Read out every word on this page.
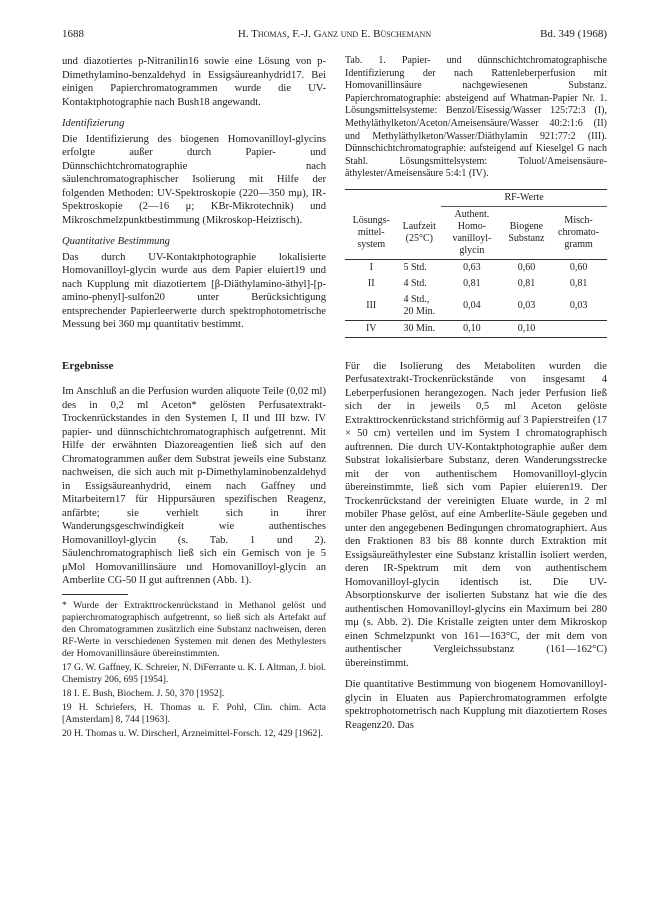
1688	H. Thomas, F.-J. Ganz und E. Büschemann	Bd. 349 (1968)

und diazotiertes p-Nitranilin16 sowie eine Lösung von p-Dimethylamino-benzaldehyd in Essigsäureanhydrid17. Bei einigen Papierchromatogrammen wurde die UV-Kontaktphotographie nach Bush18 angewandt.

Identifizierung

Die Identifizierung des biogenen Homovanilloyl-glycins erfolgte außer durch Papier- und Dünnschichtchromatographie nach säulenchromatographischer Isolierung mit Hilfe der folgenden Methoden: UV-Spektroskopie (220—350 mμ), IR-Spektroskopie (2—16 μ; KBr-Mikrotechnik) und Mikroschmelzpunktbestimmung (Mikroskop-Heiztisch).

Quantitative Bestimmung

Das durch UV-Kontaktphotographie lokalisierte Homovanilloyl-glycin wurde aus dem Papier eluiert19 und nach Kupplung mit diazotiertem [β-Diäthylamino-äthyl]-[p-amino-phenyl]-sulfon20 unter Berücksichtigung entsprechender Papierleerwerte durch spektrophotometrische Messung bei 360 mμ quantitativ bestimmt.

Ergebnisse

Im Anschluß an die Perfusion wurden aliquote Teile (0,02 ml) des in 0,2 ml Aceton* gelösten Perfusatextrakt-Trockenrückstandes in den Systemen I, II und III bzw. IV papier- und dünnschichtchromatographisch aufgetrennt. Mit Hilfe der erwähnten Diazoreagentien ließ sich auf den Chromatogrammen außer dem Substrat jeweils eine Substanz nachweisen, die sich auch mit p-Dimethylaminobenzaldehyd in Essigsäureanhydrid, einem nach Gaffney und Mitarbeitern17 für Hippursäuren spezifischen Reagenz, anfärbte; sie verhielt sich in ihrer Wanderungsgeschwindigkeit wie authentisches Homovanilloyl-glycin (s. Tab. 1 und 2). Säulenchromatographisch ließ sich ein Gemisch von je 5 μMol Homovanillinsäure und Homovanilloyl-glycin an Amberlite CG-50 II gut auftrennen (Abb. 1).

* Wurde der Extrakttrockenrückstand in Methanol gelöst und papierchromatographisch aufgetrennt, so ließ sich als Artefakt auf den Chromatogrammen zusätzlich eine Substanz nachweisen, deren RF-Werte in verschiedenen Systemen mit denen des Methylesters der Homovanillinsäure übereinstimmten.

17 G. W. Gaffney, K. Schreier, N. DiFerrante u. K. I. Altman, J. biol. Chemistry 206, 695 [1954].

18 I. E. Bush, Biochem. J. 50, 370 [1952].

19 H. Schriefers, H. Thomas u. F. Pohl, Clin. chim. Acta [Amsterdam] 8, 744 [1963].

20 H. Thomas u. W. Dirscherl, Arzneimittel-Forsch. 12, 429 [1962].

Tab. 1. Papier- und dünnschichtchromatographische Identifizierung der nach Rattenleberperfusion mit Homovanillinsäure nachgewiesenen Substanz. Papierchromatographie: absteigend auf Whatman-Papier Nr. 1. Lösungsmittelsysteme: Benzol/Eisessig/Wasser 125:72:3 (I), Methyläthylketon/Aceton/Ameisensäure/Wasser 40:2:1:6 (II) und Methyläthylketon/Wasser/Diäthylamin 921:77:2 (III). Dünnschichtchromatographie: aufsteigend auf Kieselgel G nach Stahl. Lösungsmittelsystem: Toluol/Ameisensäure-äthylester/Ameisensäure 5:4:1 (IV).

		RF-Werte		
Lösungs-mittel-system	Laufzeit (25°C)	Authent. Homo-vanilloyl-glycin	Biogene Substanz	Misch-chromato-gramm
I	5 Std.	0,63	0,60	0,60
II	4 Std.	0,81	0,81	0,81
III	4 Std., 20 Min.	0,04	0,03	0,03
IV	30 Min.	0,10	0,10	

Für die Isolierung des Metaboliten wurden die Perfusatextrakt-Trockenrückstände von insgesamt 4 Leberperfusionen herangezogen. Nach jeder Perfusion ließ sich der in jeweils 0,5 ml Aceton gelöste Extrakttrockenrückstand strichförmig auf 3 Papierstreifen (17 × 50 cm) verteilen und im System I chromatographisch auftrennen. Die durch UV-Kontaktphotographie außer dem Substrat lokalisierbare Substanz, deren Wanderungsstrecke mit der von authentischem Homovanilloyl-glycin übereinstimmte, ließ sich vom Papier eluieren19. Der Trockenrückstand der vereinigten Eluate wurde, in 2 ml mobiler Phase gelöst, auf eine Amberlite-Säule gegeben und unter den angegebenen Bedingungen chromatographiert. Aus den Fraktionen 83 bis 88 konnte durch Extraktion mit Essigsäureäthylester eine Substanz kristallin isoliert werden, deren IR-Spektrum mit dem von authentischem Homovanilloyl-glycin identisch ist. Die UV-Absorptionskurve der isolierten Substanz hat wie die des authentischen Homovanilloyl-glycins ein Maximum bei 280 mμ (s. Abb. 2). Die Kristalle zeigten unter dem Mikroskop einen Schmelzpunkt von 161—163°C, der mit dem von authentischer Vergleichssubstanz (161—162°C) übereinstimmt.

Die quantitative Bestimmung von biogenem Homovanilloyl-glycin in Eluaten aus Papierchromatogrammen erfolgte spektrophotometrisch nach Kupplung mit diazotiertem Roses Reagenz20. Das
